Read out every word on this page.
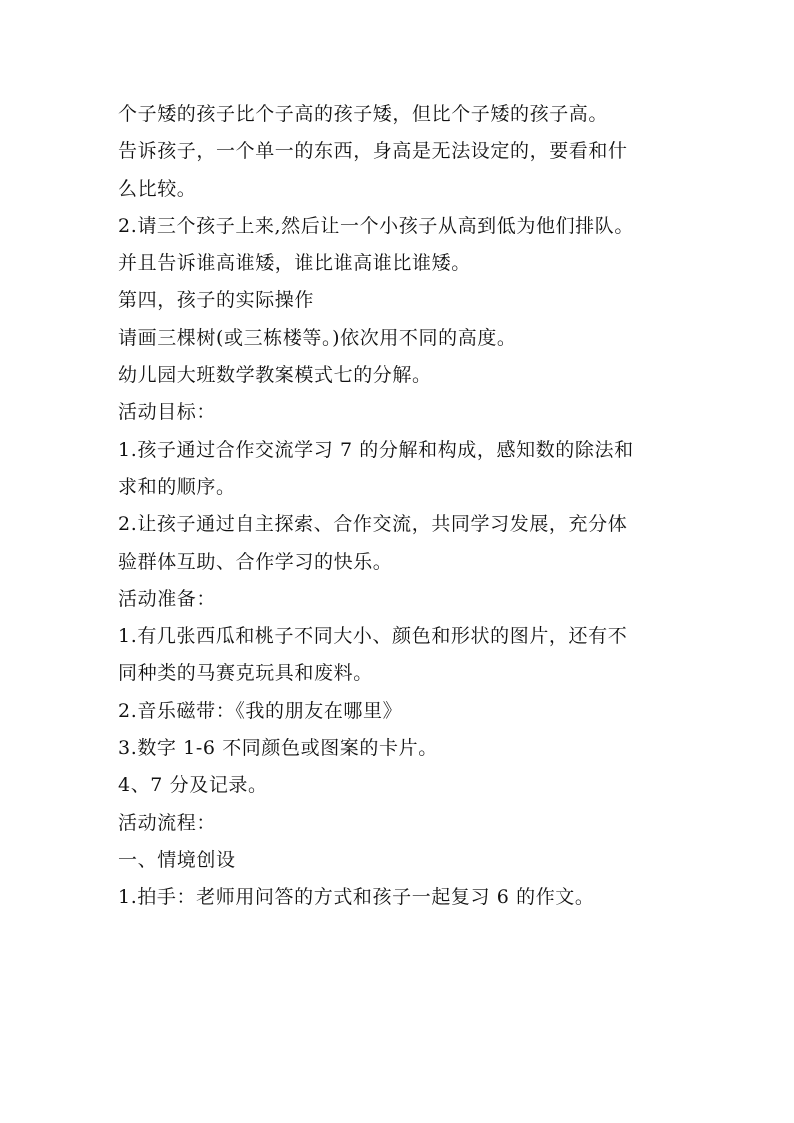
个子矮的孩子比个子高的孩子矮，但比个子矮的孩子高。
告诉孩子，一个单一的东西，身高是无法设定的，要看和什
么比较。
2.请三个孩子上来,然后让一个小孩子从高到低为他们排队。
并且告诉谁高谁矮，谁比谁高谁比谁矮。
第四，孩子的实际操作
请画三棵树(或三栋楼等。)依次用不同的高度。
幼儿园大班数学教案模式七的分解。
活动目标：
1.孩子通过合作交流学习 7 的分解和构成，感知数的除法和
求和的顺序。
2.让孩子通过自主探索、合作交流，共同学习发展，充分体
验群体互助、合作学习的快乐。
活动准备：
1.有几张西瓜和桃子不同大小、颜色和形状的图片，还有不
同种类的马赛克玩具和废料。
2.音乐磁带：《我的朋友在哪里》
3.数字 1-6 不同颜色或图案的卡片。
4、7 分及记录。
活动流程：
一、情境创设
1.拍手：老师用问答的方式和孩子一起复习 6 的作文。
